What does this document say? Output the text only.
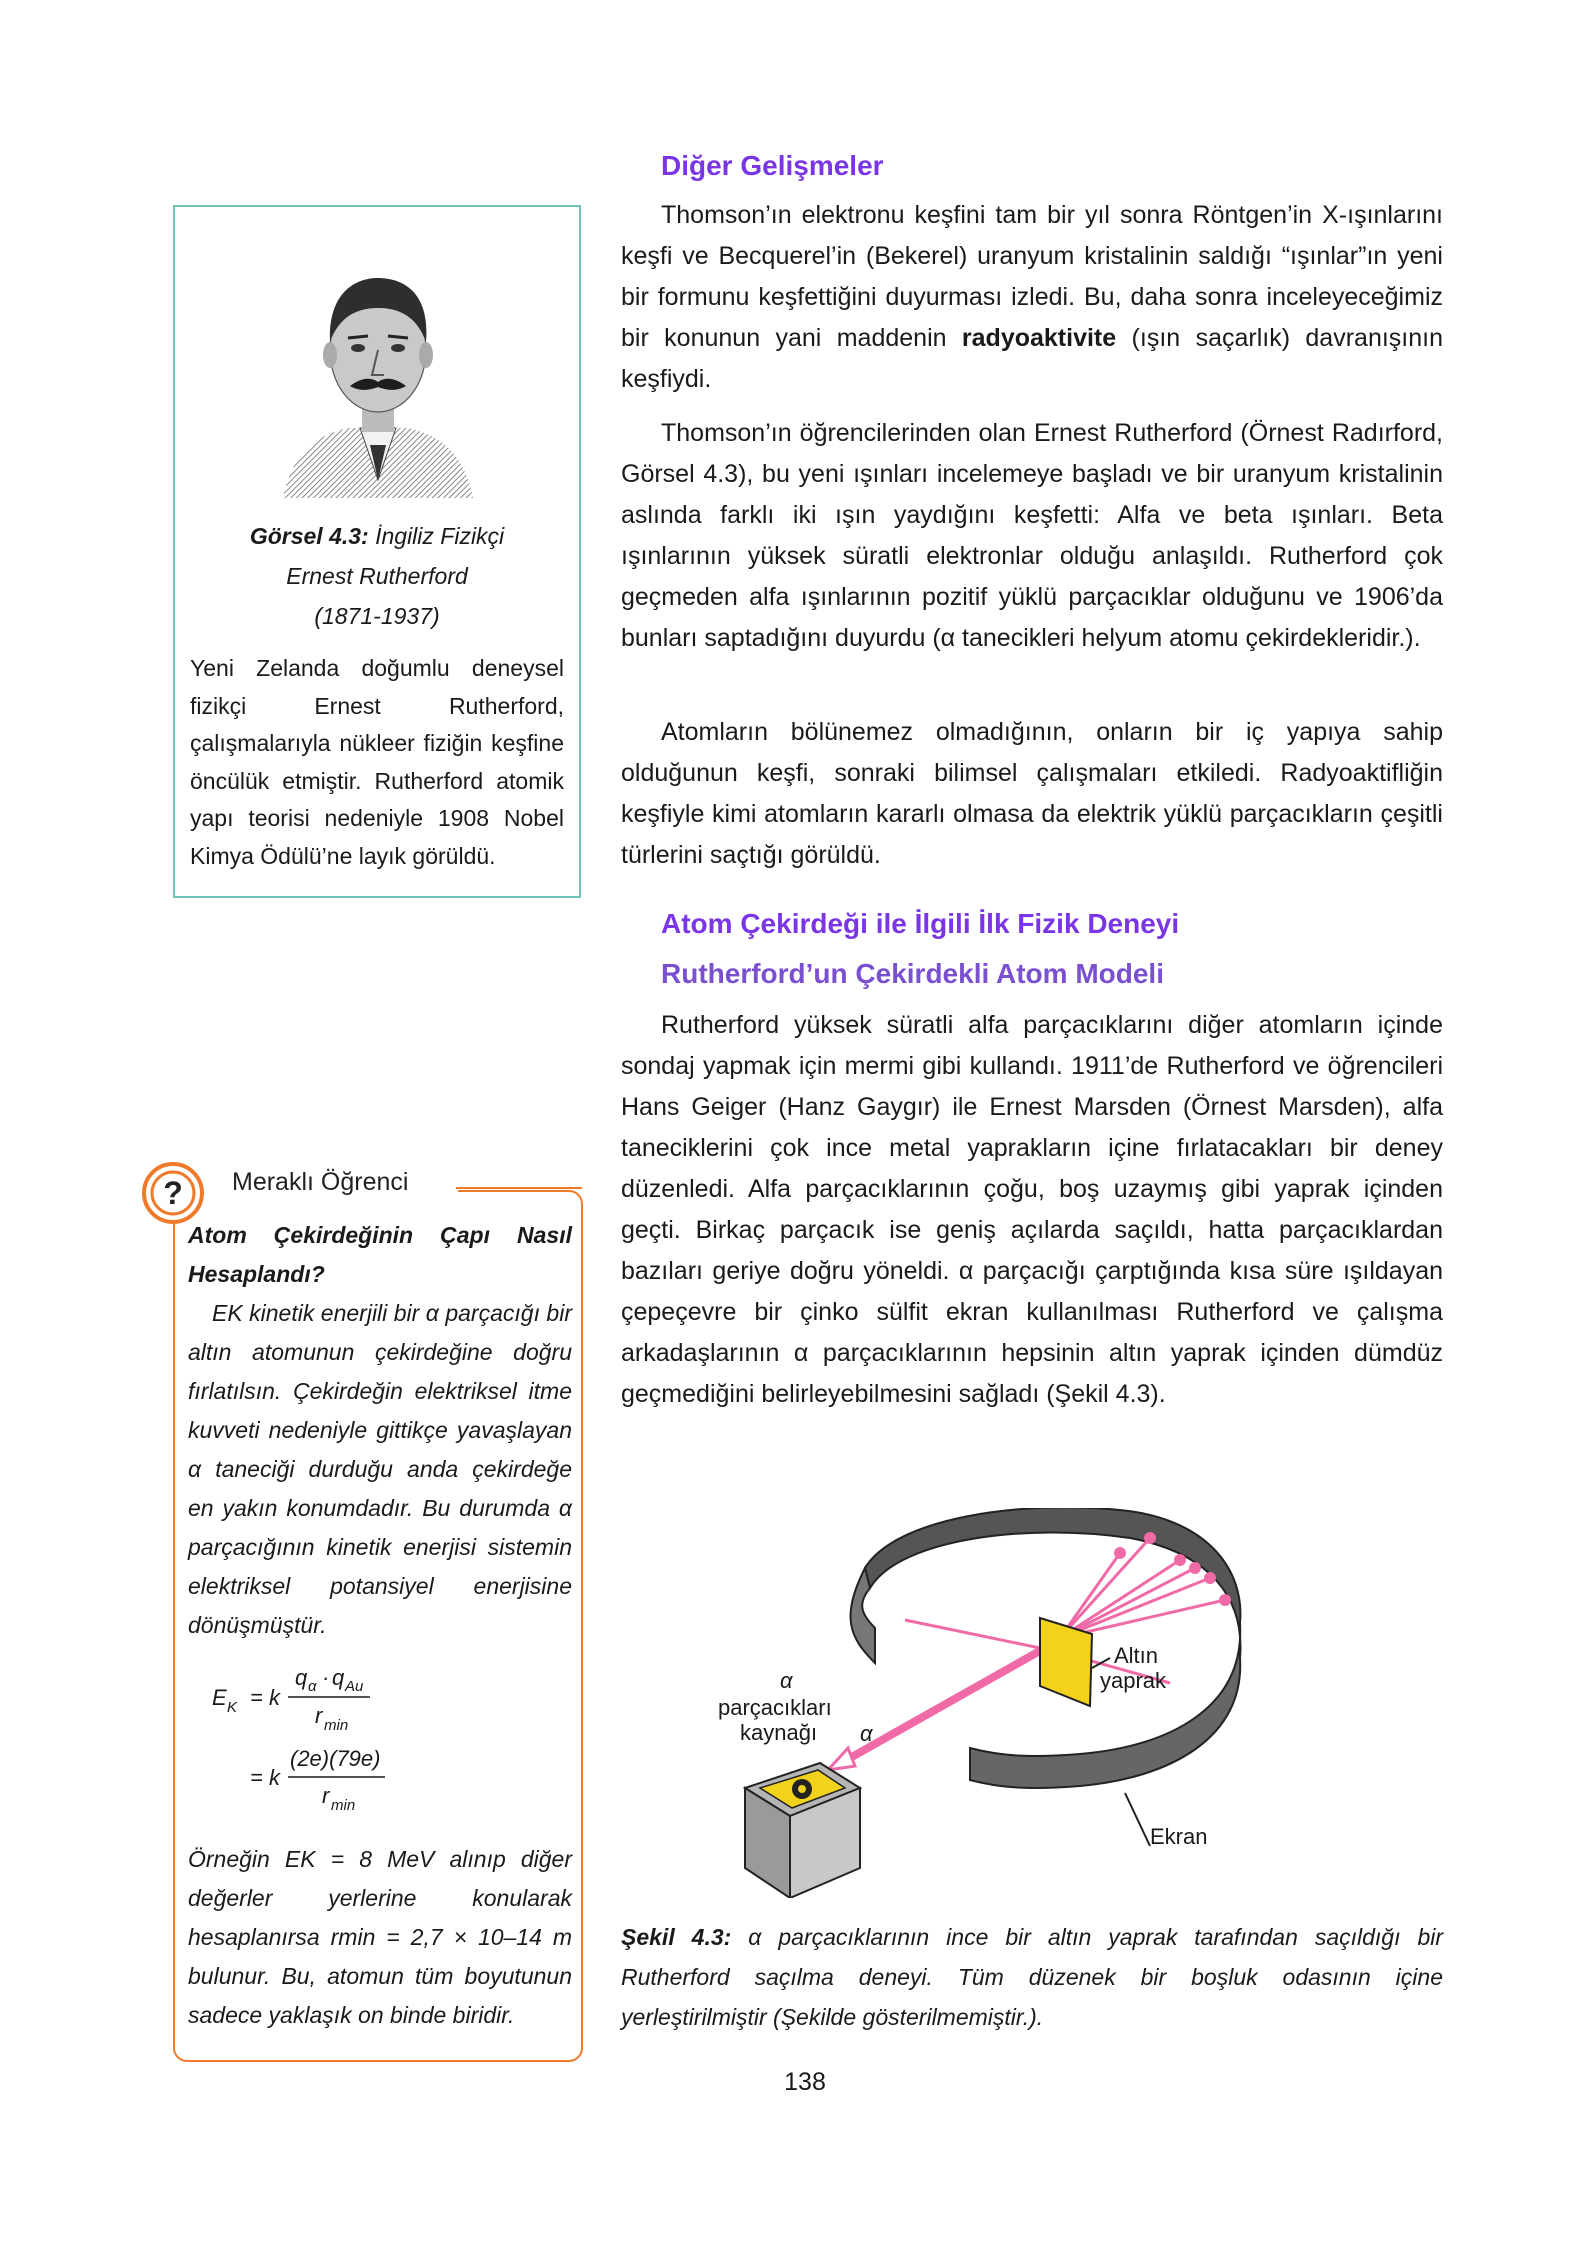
Görsel 4.3: İngiliz Fizikçi
Ernest Rutherford
(1871-1937)
Yeni Zelanda doğumlu deneysel fizikçi Ernest Rutherford, çalışmalarıyla nükleer fiziğin keşfine öncülük etmiştir. Rutherford atomik yapı teorisi nedeniyle 1908 Nobel Kimya Ödülü’ne layık görüldü.
? Meraklı Öğrenci

Atom Çekirdeğinin Çapı Nasıl Hesaplandı?

EK kinetik enerjili bir α parçacığı bir altın atomunun çekirdeğine doğru fırlatılsın. Çekirdeğin elektriksel itme kuvveti nedeniyle gittikçe yavaşlayan α taneciği durduğu anda çekirdeğe en yakın konumdadır. Bu durumda α parçacığının kinetik enerjisi sistemin elektriksel potansiyel enerjisine dönüşmüştür.

E K = k
q α · q Au
r min
= k
(2e)(79e)
r min
Örneğin EK = 8 MeV alınıp diğer değerler yerlerine konularak hesaplanırsa rmin = 2,7 × 10–14 m bulunur. Bu, atomun tüm boyutunun sadece yaklaşık on binde biridir.
Diğer Gelişmeler

Thomson’ın elektronu keşfini tam bir yıl sonra Röntgen’in X-ışınlarını keşfi ve Becquerel’in (Bekerel) uranyum kristalinin saldığı “ışınlar”ın yeni bir formunu keşfettiğini duyurması izledi. Bu, daha sonra inceleyeceğimiz bir konunun yani maddenin radyoaktivite (ışın saçarlık) davranışının keşfiydi.

Thomson’ın öğrencilerinden olan Ernest Rutherford (Örnest Radırford, Görsel 4.3), bu yeni ışınları incelemeye başladı ve bir uranyum kristalinin aslında farklı iki ışın yaydığını keşfetti: Alfa ve beta ışınları. Beta ışınlarının yüksek süratli elektronlar olduğu anlaşıldı. Rutherford çok geçmeden alfa ışınlarının pozitif yüklü parçacıklar olduğunu ve 1906’da bunları saptadığını duyurdu (α tanecikleri helyum atomu çekirdekleridir.).

Atomların bölünemez olmadığının, onların bir iç yapıya sahip olduğunun keşfi, sonraki bilimsel çalışmaları etkiledi. Radyoaktifliğin keşfiyle kimi atomların kararlı olmasa da elektrik yüklü parçacıkların çeşitli türlerini saçtığı görüldü.

Atom Çekirdeği ile İlgili İlk Fizik Deneyi
Rutherford’un Çekirdekli Atom Modeli

Rutherford yüksek süratli alfa parçacıklarını diğer atomların içinde sondaj yapmak için mermi gibi kullandı. 1911’de Rutherford ve öğrencileri Hans Geiger (Hanz Gaygır) ile Ernest Marsden (Örnest Marsden), alfa taneciklerini çok ince metal yaprakların içine fırlatacakları bir deney düzenledi. Alfa parçacıklarının çoğu, boş uzaymış gibi yaprak içinden geçti. Birkaç parçacık ise geniş açılarda saçıldı, hatta parçacıklardan bazıları geriye doğru yöneldi. α parçacığı çarptığında kısa süre ışıldayan çepeçevre bir çinko sülfit ekran kullanılması Rutherford ve çalışma arkadaşlarının α parçacıklarının hepsinin altın yaprak içinden dümdüz geçmediğini belirleyebilmesini sağladı (Şekil 4.3).

Altın
yaprak
α
parçacıkları
kaynağı α
Ekran
Şekil 4.3: α parçacıklarının ince bir altın yaprak tarafından saçıldığı bir Rutherford saçılma deneyi. Tüm düzenek bir boşluk odasının içine yerleştirilmiştir (Şekilde gösterilmemiştir.).
138
